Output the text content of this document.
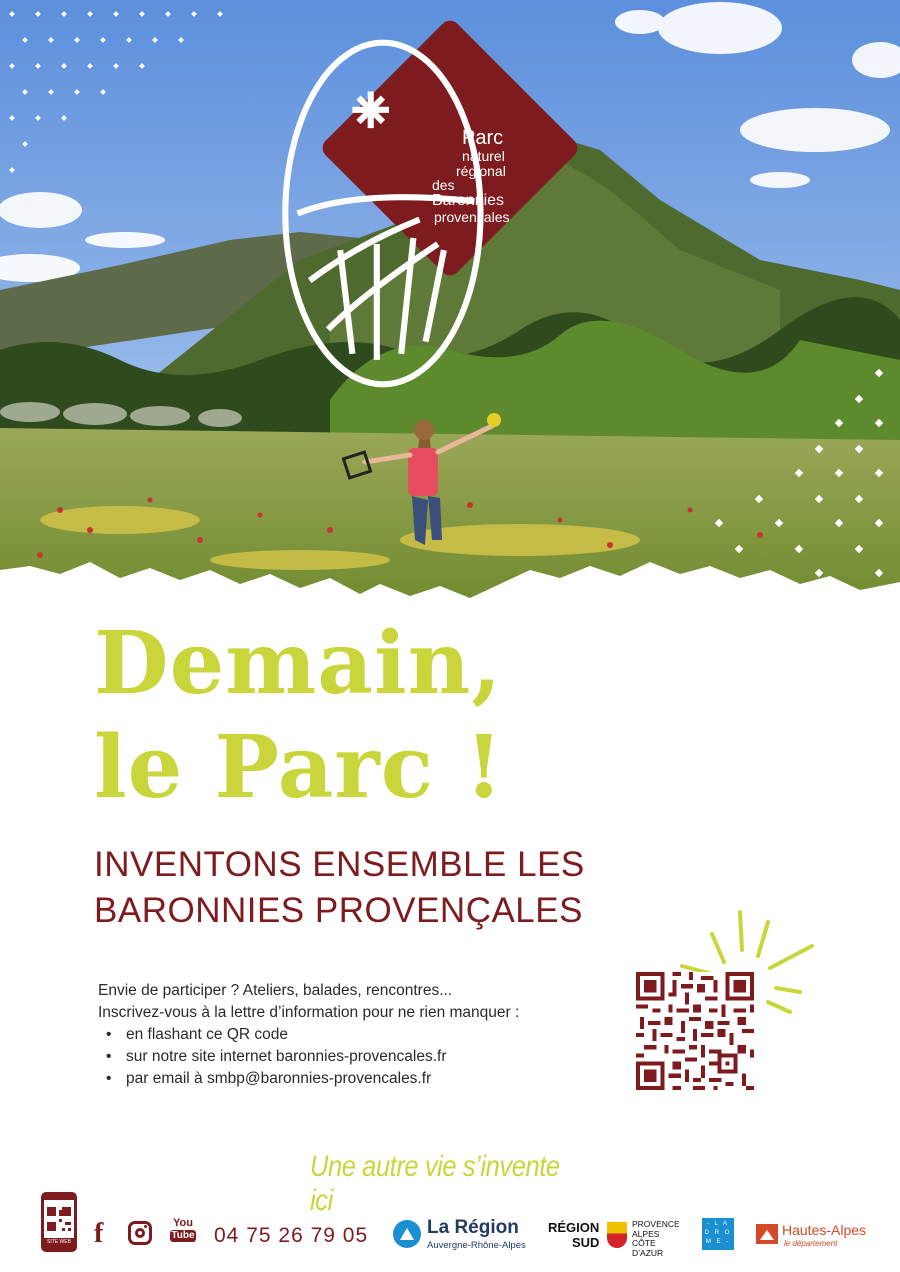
Parc
naturel
régional
des Baronnies
provençales
Demain,
le Parc !
INVENTONS ENSEMBLE LES
BARONNIES PROVENÇALES
Envie de participer ? Ateliers, balades, rencontres...
Inscrivez-vous à la lettre d’information pour ne rien manquer :
• en flashant ce QR code
• sur notre site internet baronnies-provencales.fr
• par email à smbp@baronnies-provencales.fr
Une autre vie s’invente ici
SITE WEB f	You
Tube 04 75 26 79 05	La Région
Auvergne-Rhône-Alpes
RÉGION
SUD
PROVENCE
ALPES
CÔTE D’AZUR
- L A
D R O
M E -
Hautes-Alpes
le département
